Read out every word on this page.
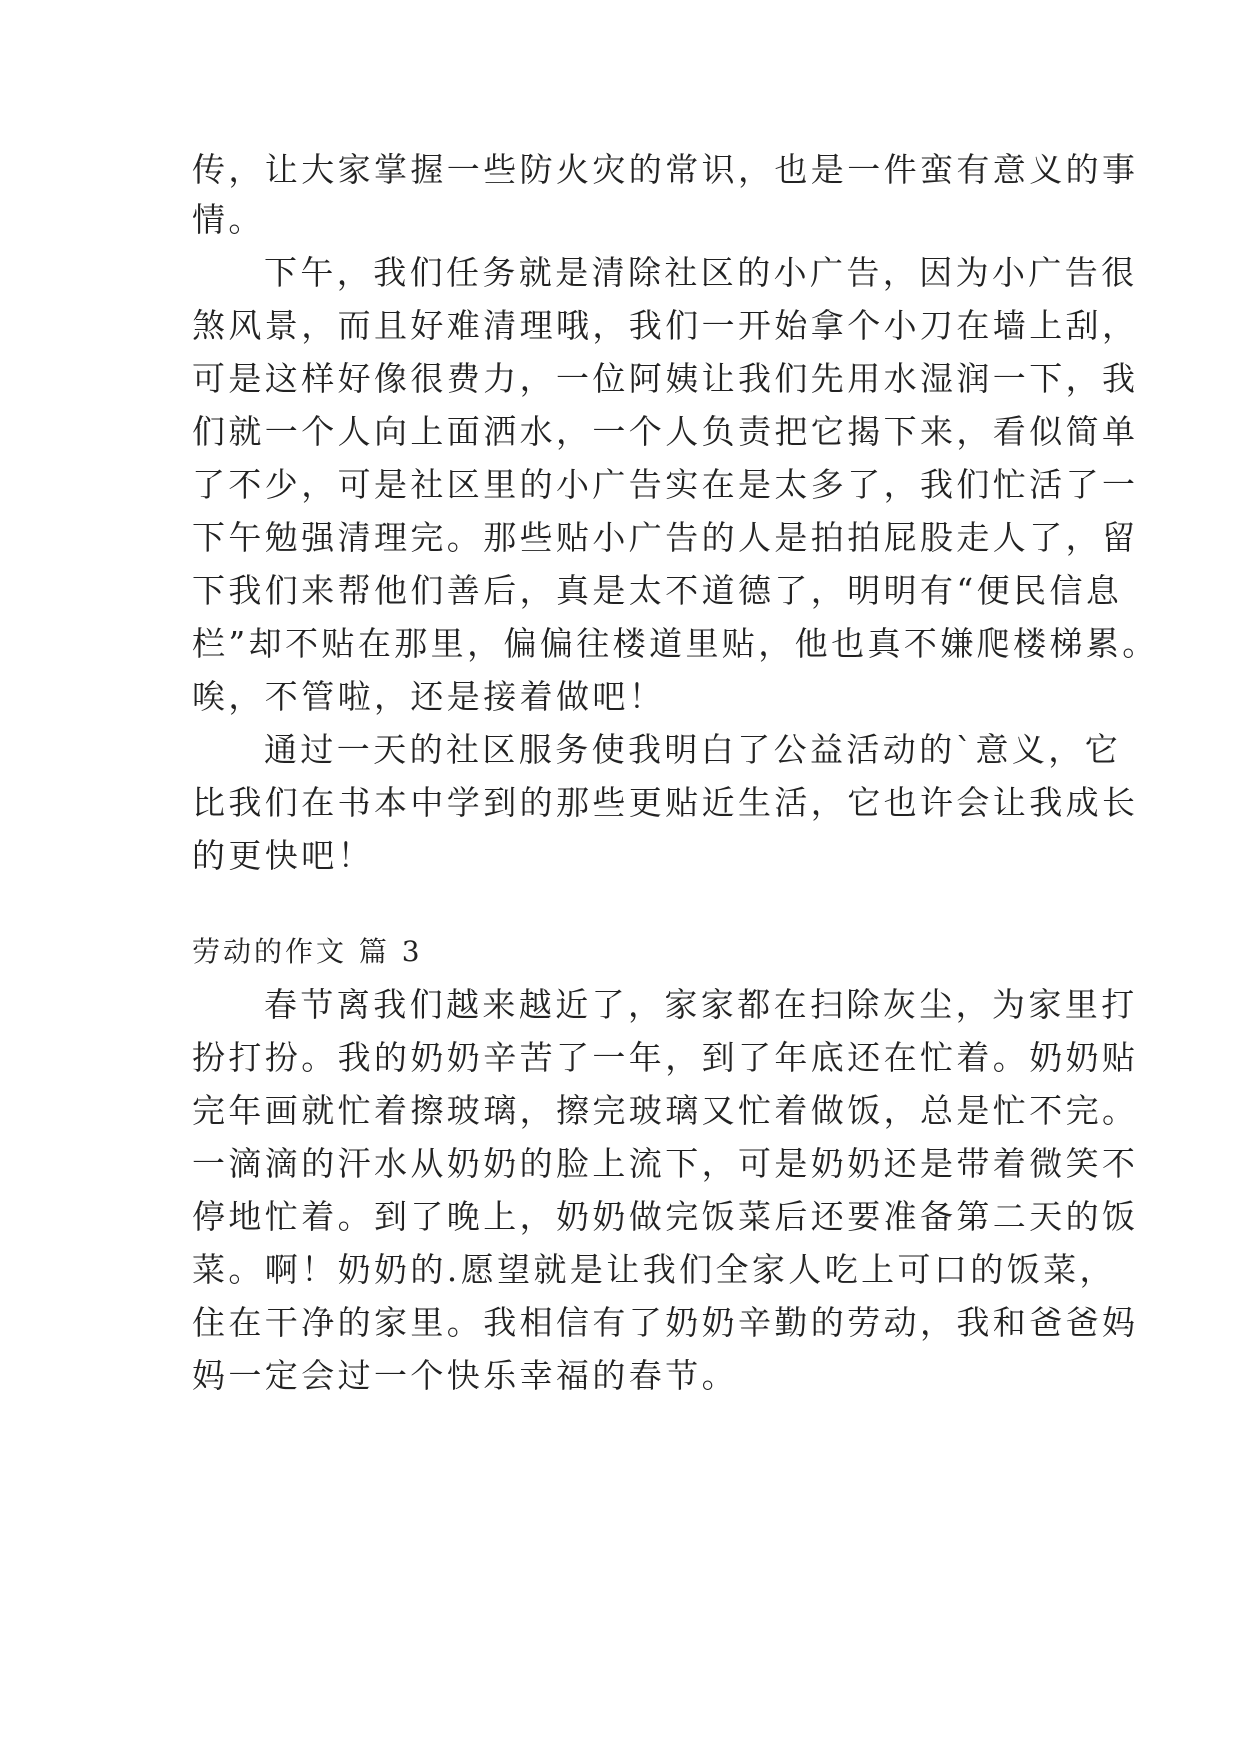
传，让大家掌握一些防火灾的常识，也是一件蛮有意义的事
情。
下午，我们任务就是清除社区的小广告，因为小广告很
煞风景，而且好难清理哦，我们一开始拿个小刀在墙上刮，
可是这样好像很费力，一位阿姨让我们先用水湿润一下，我
们就一个人向上面洒水，一个人负责把它揭下来，看似简单
了不少，可是社区里的小广告实在是太多了，我们忙活了一
下午勉强清理完。那些贴小广告的人是拍拍屁股走人了，留
下我们来帮他们善后，真是太不道德了，明明有“便民信息
栏”却不贴在那里，偏偏往楼道里贴，他也真不嫌爬楼梯累。
唉，不管啦，还是接着做吧！
通过一天的社区服务使我明白了公益活动的`意义，它
比我们在书本中学到的那些更贴近生活，它也许会让我成长
的更快吧！
劳动的作文 篇 3
春节离我们越来越近了，家家都在扫除灰尘，为家里打
扮打扮。我的奶奶辛苦了一年，到了年底还在忙着。奶奶贴
完年画就忙着擦玻璃，擦完玻璃又忙着做饭，总是忙不完。
一滴滴的汗水从奶奶的脸上流下，可是奶奶还是带着微笑不
停地忙着。到了晚上，奶奶做完饭菜后还要准备第二天的饭
菜。啊！奶奶的.愿望就是让我们全家人吃上可口的饭菜，
住在干净的家里。我相信有了奶奶辛勤的劳动，我和爸爸妈
妈一定会过一个快乐幸福的春节。
